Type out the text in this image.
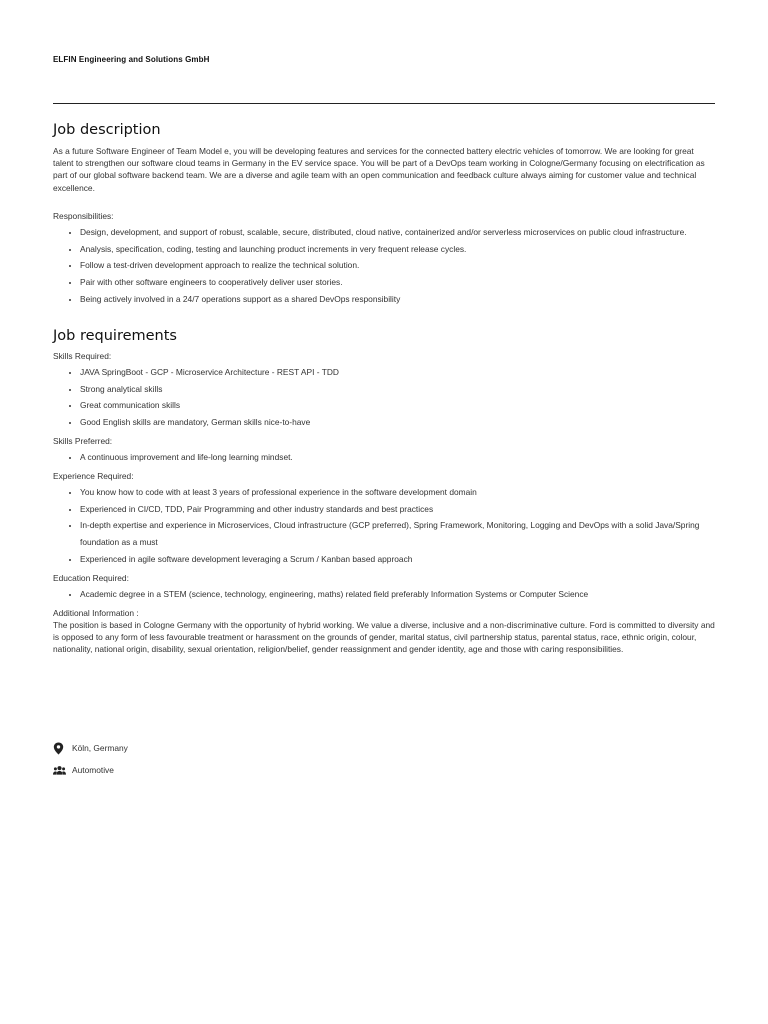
ELFIN Engineering and Solutions GmbH
Job description

As a future Software Engineer of Team Model e, you will be developing features and services for the connected battery electric vehicles of tomorrow. We are looking for great talent to strengthen our software cloud teams in Germany in the EV service space. You will be part of a DevOps team working in Cologne/Germany focusing on electrification as part of our global software backend team. We are a diverse and agile team with an open communication and feedback culture always aiming for customer value and technical excellence.

Responsibilities:

• Design, development, and support of robust, scalable, secure, distributed, cloud native, containerized and/or serverless microservices on public cloud infrastructure.
• Analysis, specification, coding, testing and launching product increments in very frequent release cycles.
• Follow a test-driven development approach to realize the technical solution.
• Pair with other software engineers to cooperatively deliver user stories.
• Being actively involved in a 24/7 operations support as a shared DevOps responsibility
Job requirements

Skills Required:

• JAVA SpringBoot - GCP - Microservice Architecture - REST API - TDD
• Strong analytical skills
• Great communication skills
• Good English skills are mandatory, German skills nice-to-have

Skills Preferred:

• A continuous improvement and life-long learning mindset.

Experience Required:

• You know how to code with at least 3 years of professional experience in the software development domain
• Experienced in CI/CD, TDD, Pair Programming and other industry standards and best practices
• In-depth expertise and experience in Microservices, Cloud infrastructure (GCP preferred), Spring Framework, Monitoring, Logging and DevOps with a solid Java/Spring foundation as a must
• Experienced in agile software development leveraging a Scrum / Kanban based approach

Education Required:

• Academic degree in a STEM (science, technology, engineering, maths) related field preferably Information Systems or Computer Science

Additional Information :

The position is based in Cologne Germany with the opportunity of hybrid working. We value a diverse, inclusive and a non-discriminative culture. Ford is committed to diversity and is opposed to any form of less favourable treatment or harassment on the grounds of gender, marital status, civil partnership status, parental status, race, ethnic origin, colour, nationality, national origin, disability, sexual orientation, religion/belief, gender reassignment and gender identity, age and those with caring responsibilities.

Köln, Germany
Automotive
